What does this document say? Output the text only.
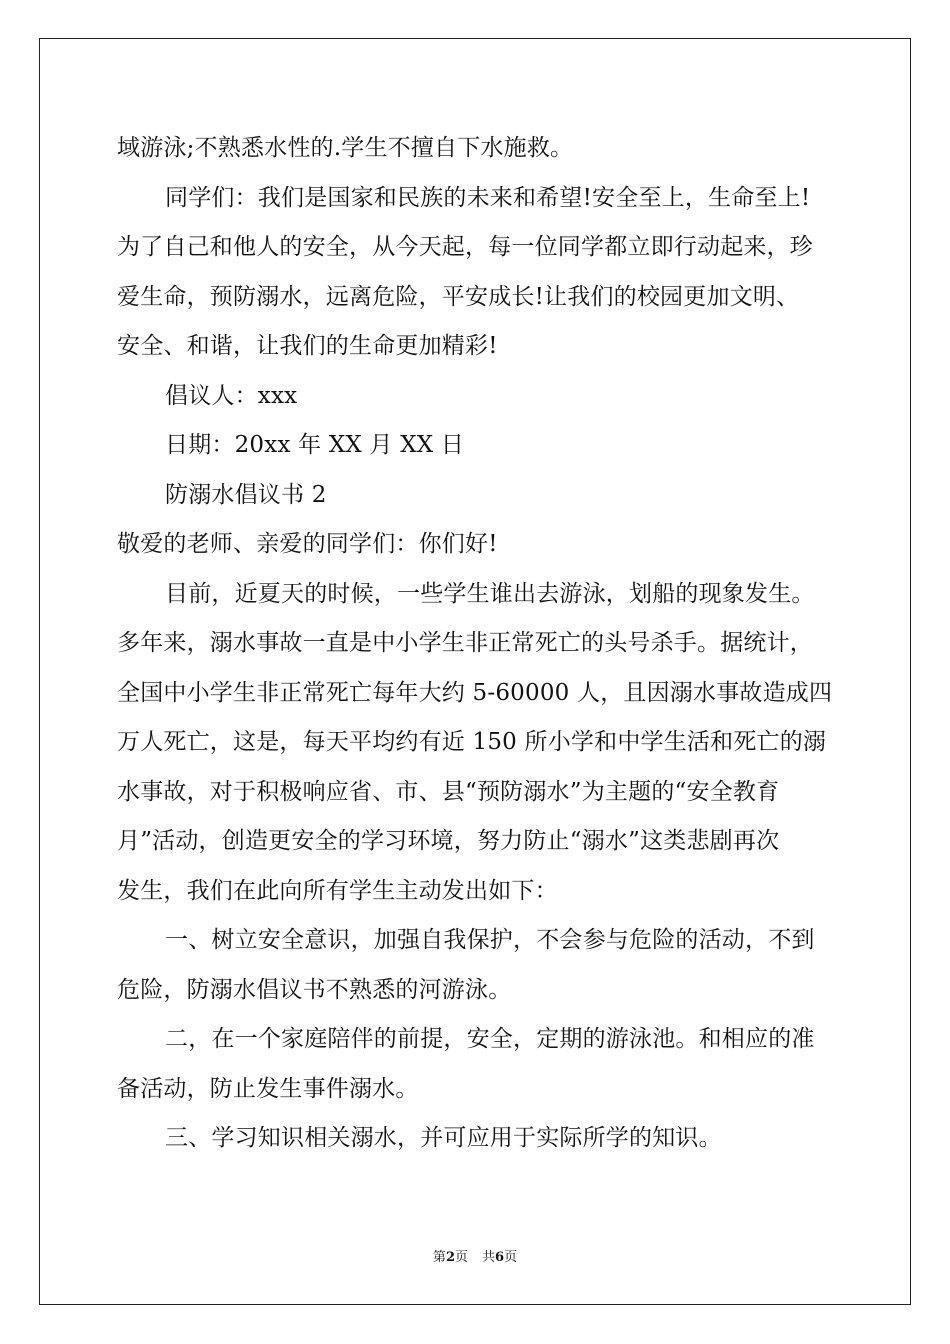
域游泳;不熟悉水性的.学生不擅自下水施救。
同学们：我们是国家和民族的未来和希望!安全至上，生命至上!
为了自己和他人的安全，从今天起，每一位同学都立即行动起来，珍
爱生命，预防溺水，远离危险，平安成长!让我们的校园更加文明、
安全、和谐，让我们的生命更加精彩!
倡议人：xxx
日期：20xx 年 XX 月 XX 日
防溺水倡议书 2
敬爱的老师、亲爱的同学们：你们好!
目前，近夏天的时候，一些学生谁出去游泳，划船的现象发生。
多年来，溺水事故一直是中小学生非正常死亡的头号杀手。据统计，
全国中小学生非正常死亡每年大约 5-60000 人，且因溺水事故造成四
万人死亡，这是，每天平均约有近 150 所小学和中学生活和死亡的溺
水事故，对于积极响应省、市、县“预防溺水”为主题的“安全教育
月”活动，创造更安全的学习环境，努力防止“溺水”这类悲剧再次
发生，我们在此向所有学生主动发出如下：
一、树立安全意识，加强自我保护，不会参与危险的活动，不到
危险，防溺水倡议书不熟悉的河游泳。
二，在一个家庭陪伴的前提，安全，定期的游泳池。和相应的准
备活动，防止发生事件溺水。
三、学习知识相关溺水，并可应用于实际所学的知识。
第2页 共6页
